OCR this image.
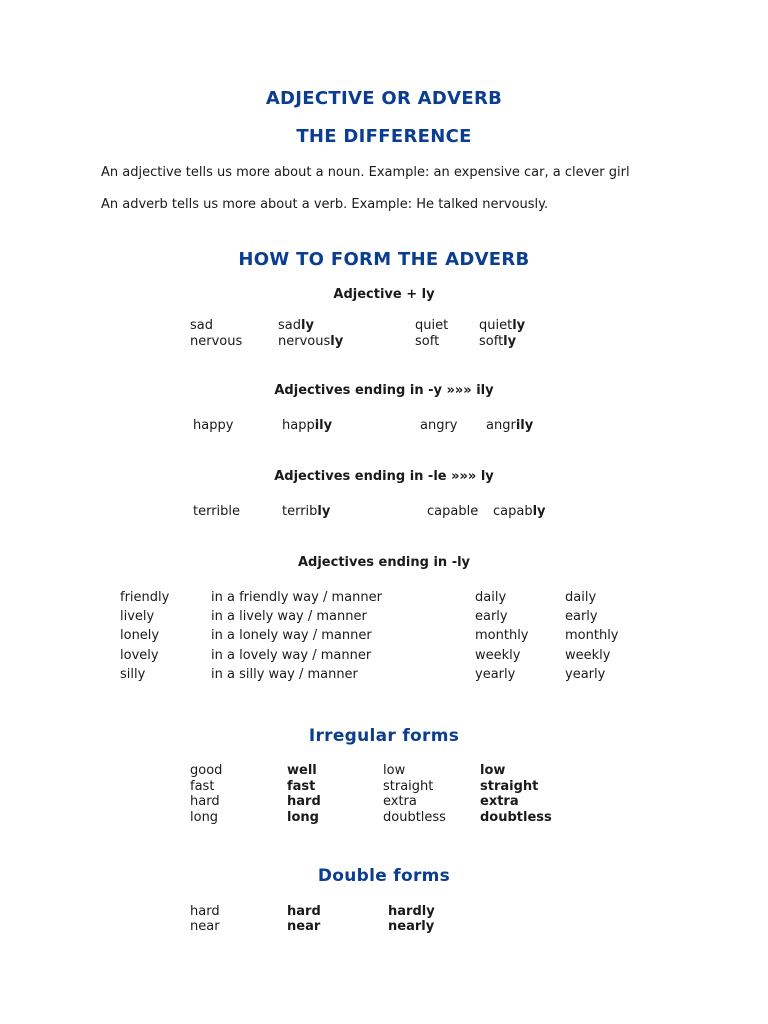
ADJECTIVE OR ADVERB
THE DIFFERENCE
An adjective tells us more about a noun. Example: an expensive car, a clever girl
An adverb tells us more about a verb. Example: He talked nervously.
HOW TO FORM THE ADVERB
Adjective + ly
sad	sadly	quiet quietly
nervous	nervously	soft	softly
Adjectives ending in -y »»» ily
happy	happily	angry angrily
Adjectives ending in -le »»» ly
terrible	terribly	capable capably
Adjectives ending in -ly
friendly	in a friendly way / manner	daily	daily
lively	in a lively way / manner	early	early
lonely	in a lonely way / manner	monthly	monthly
lovely	in a lovely way / manner	weekly	weekly
silly	in a silly way / manner	yearly	yearly
Irregular forms
good	well	low	low
fast	fast	straight	straight
hard	hard	extra	extra
long	long	doubtless	doubtless
Double forms
hard	hard	hardly
near	near	nearly
